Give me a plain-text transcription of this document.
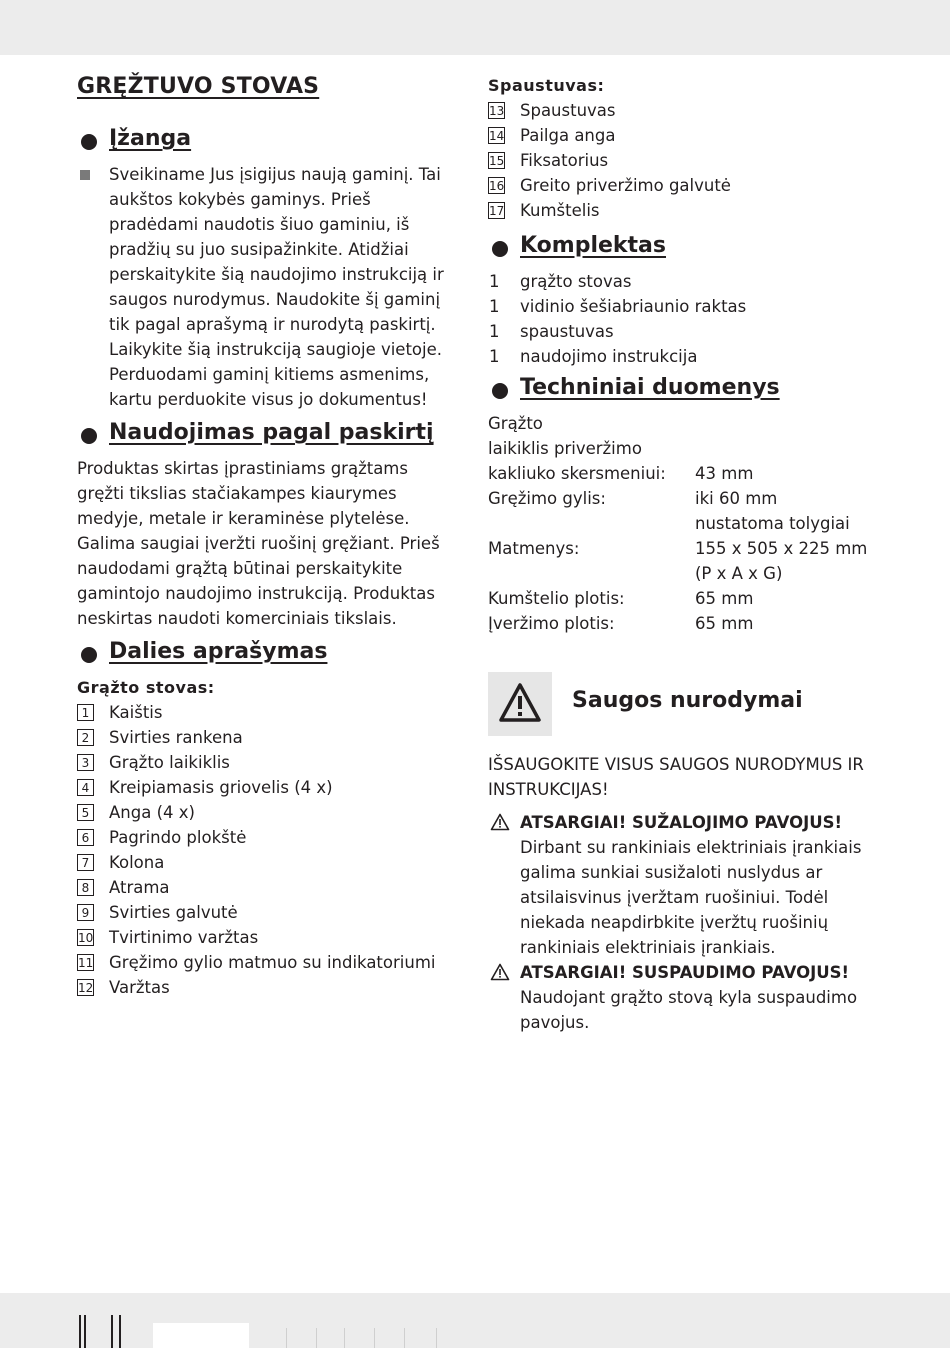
GRĘŽTUVO STOVAS
Įžanga

Sveikiname Jus įsigijus naują gaminį. Tai aukštos kokybės gaminys. Prieš pradėdami naudotis šiuo gaminiu, iš pradžių su juo susipažinkite. Atidžiai perskaitykite šią naudojimo instrukciją ir saugos nurodymus. Naudokite šį gaminį tik pagal aprašymą ir nurodytą paskirtį. Laikykite šią instrukciją saugioje vietoje. Perduodami gaminį kitiems asmenims, kartu perduokite visus jo dokumentus!

Naudojimas pagal paskirtį

Produktas skirtas įprastiniams grąžtams gręžti tikslias stačiakampes kiaurymes medyje, metale ir keraminėse plytelėse. Galima saugiai įveržti ruošinį gręžiant. Prieš naudodami grąžtą būtinai perskaitykite gamintojo naudojimo instrukciją. Produktas neskirtas naudoti komerciniais tikslais.

Dalies aprašymas

Grąžto stovas:

1 Kaištis
2 Svirties rankena
3 Grąžto laikiklis
4 Kreipiamasis griovelis (4 x)
5 Anga (4 x)
6 Pagrindo plokštė
7 Kolona
8 Atrama
9 Svirties galvutė
10 Tvirtinimo varžtas
11 Gręžimo gylio matmuo su indikatoriumi
12 Varžtas

Spaustuvas:

13 Spaustuvas
14 Pailga anga
15 Fiksatorius
16 Greito priveržimo galvutė
17 Kumštelis
Komplektas
1 grąžto stovas
1 vidinio šešiabriaunio raktas
1 spaustuvas
1 naudojimo instrukcija
Techniniai duomenys
Grąžto
laikiklis priveržimo
kakliuko skersmeniui: 43 mm
Gręžimo gylis:	iki 60 mm
nustatoma tolygiai
Matmenys:	155 x 505 x 225 mm
(P x A x G)
Kumštelio plotis:	65 mm
Įveržimo plotis:	65 mm
Saugos nurodymai

IŠSAUGOKITE VISUS SAUGOS NURODYMUS IR INSTRUKCIJAS!

ATSARGIAI! SUŽALOJIMO PAVOJUS! Dirbant su rankiniais elektriniais įrankiais galima sunkiai susižaloti nuslydus ar atsilaisvinus įveržtam ruošiniui. Todėl niekada neapdirbkite įveržtų ruošinių rankiniais elektriniais įrankiais.

ATSARGIAI! SUSPAUDIMO PAVOJUS! Naudojant grąžto stovą kyla suspaudimo pavojus.
